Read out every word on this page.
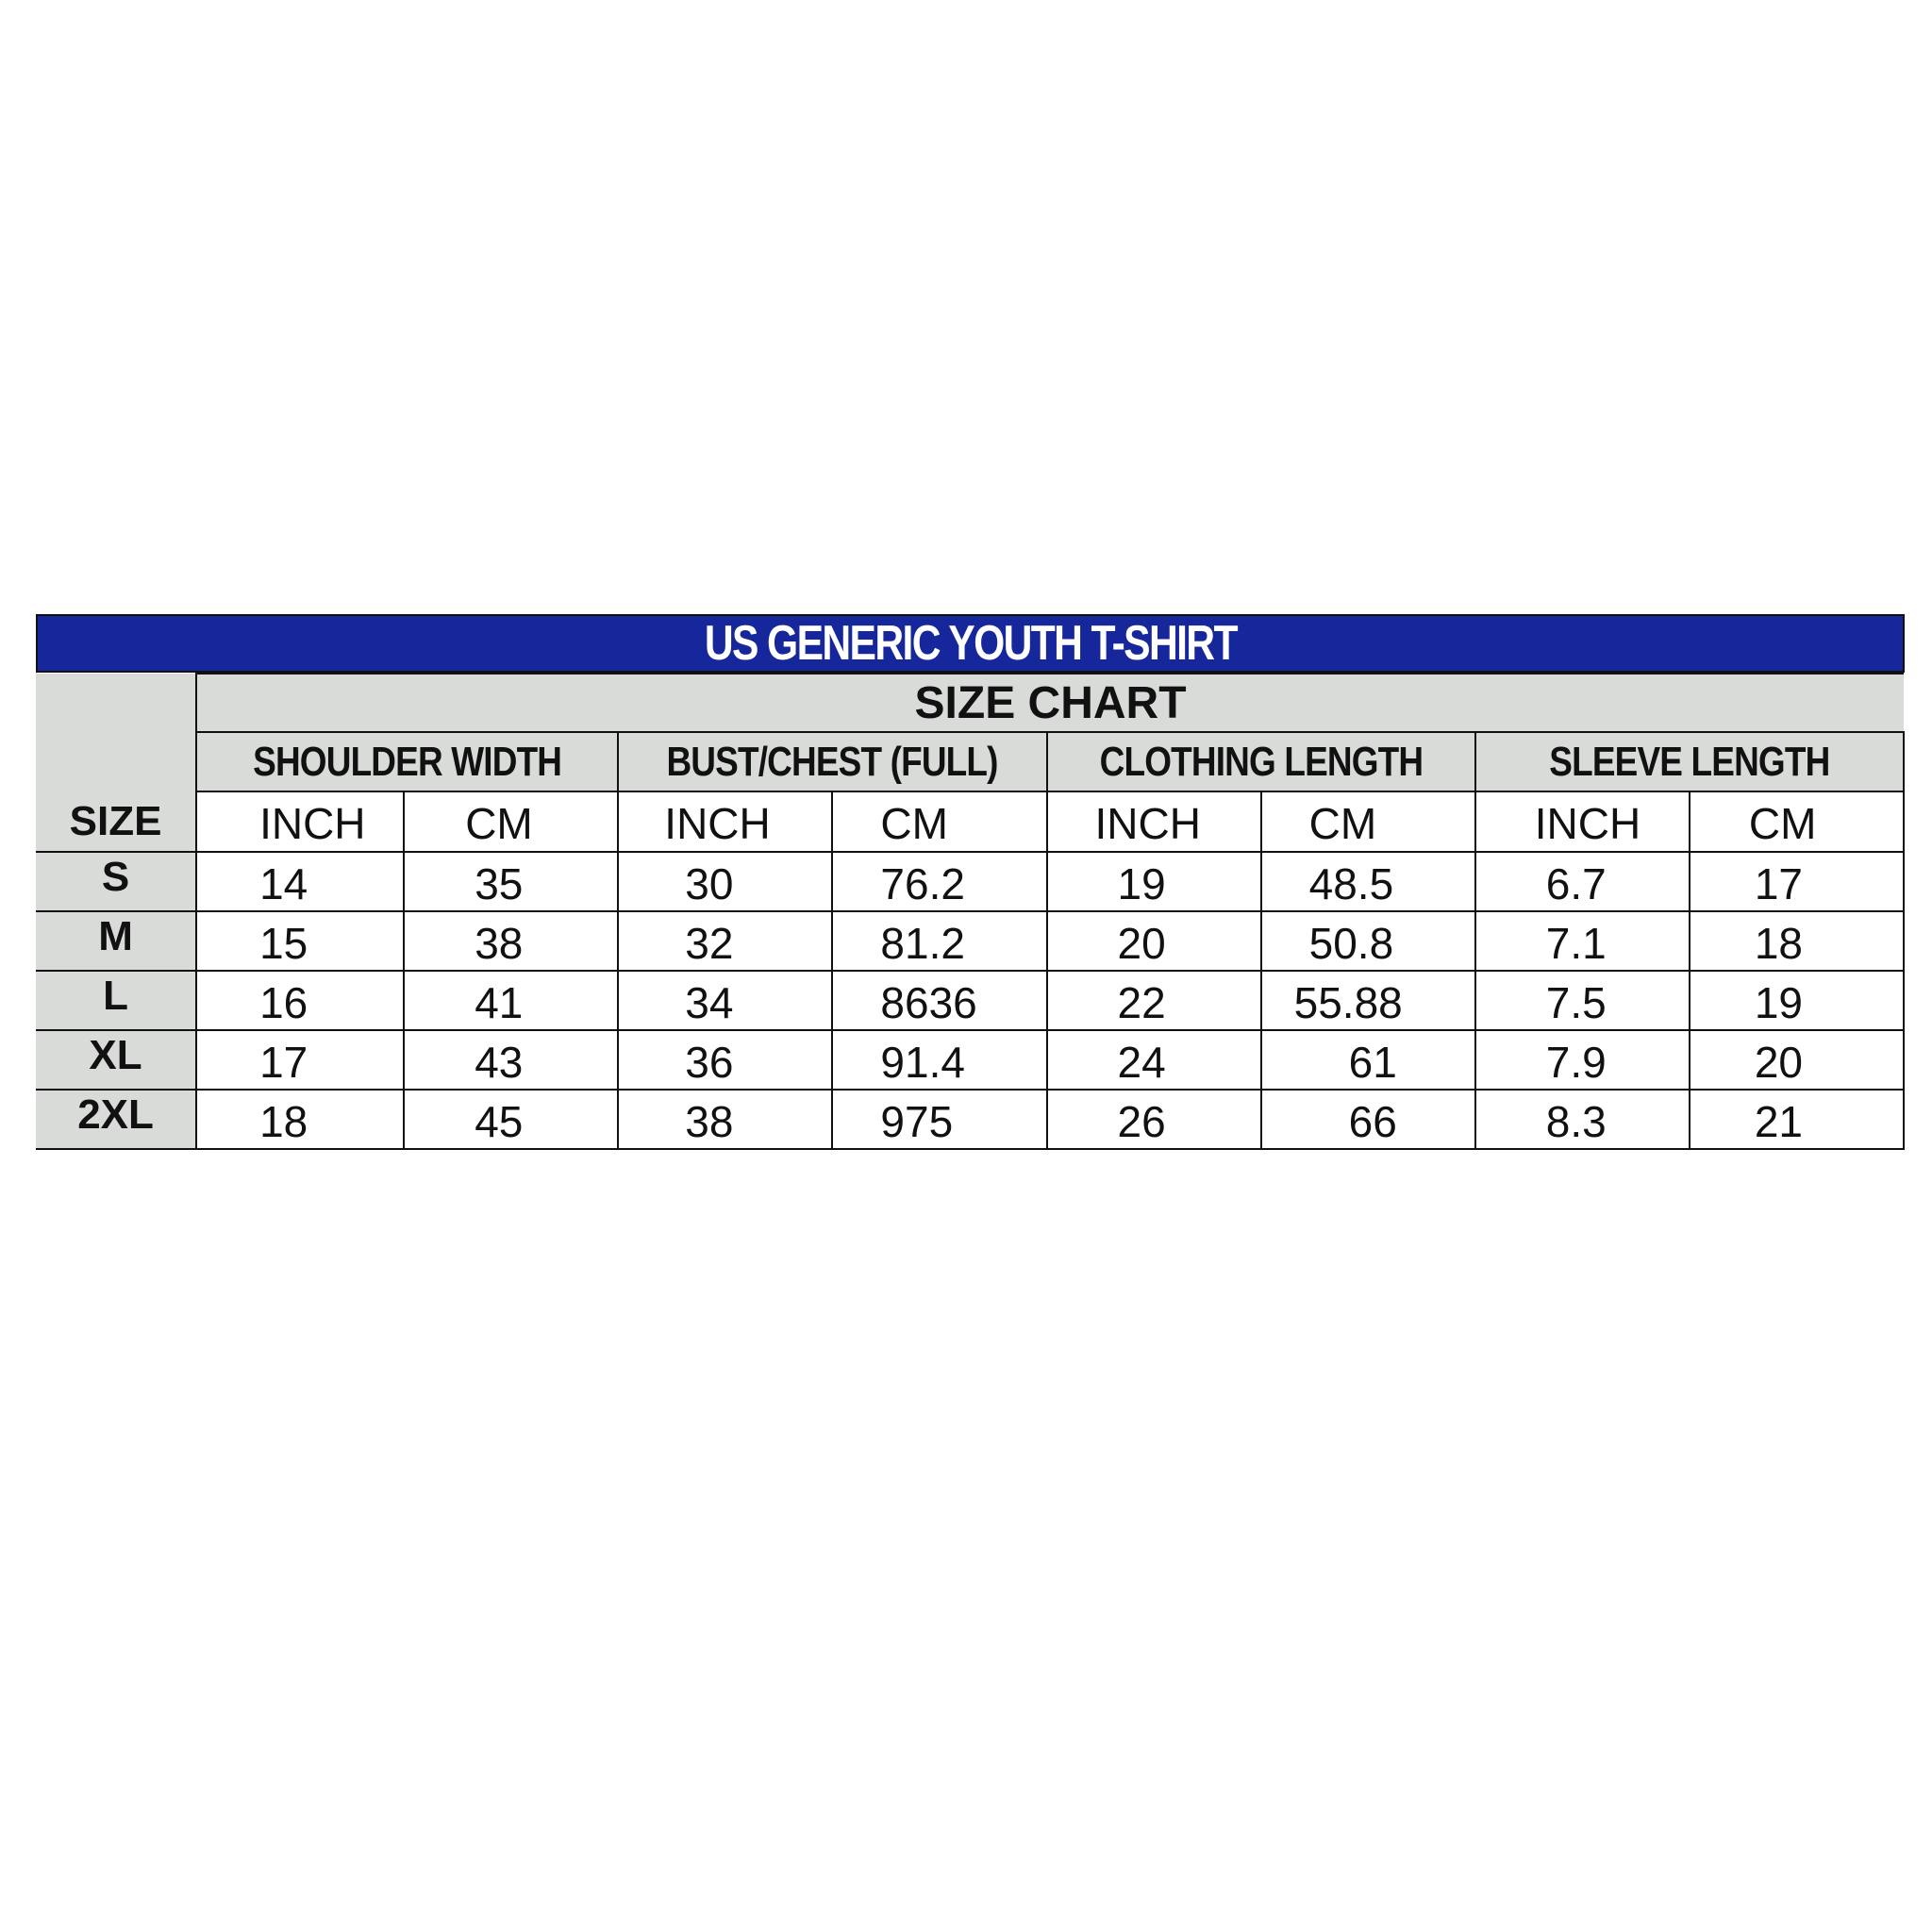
US GENERIC YOUTH T-SHIRT
SIZE	SIZE CHART							
	SHOULDER WIDTH		BUST/CHEST (FULL)		CLOTHING LENGTH		SLEEVE LENGTH	
	INCH	CM	INCH	CM	INCH	CM	INCH	CM
S	14	35	30	76.2	19	48.5	6.7	17
M	15	38	32	81.2	20	50.8	7.1	18
L	16	41	34	8636	22	55.88	7.5	19
XL	17	43	36	91.4	24	61	7.9	20
2XL	18	45	38	975	26	66	8.3	21
